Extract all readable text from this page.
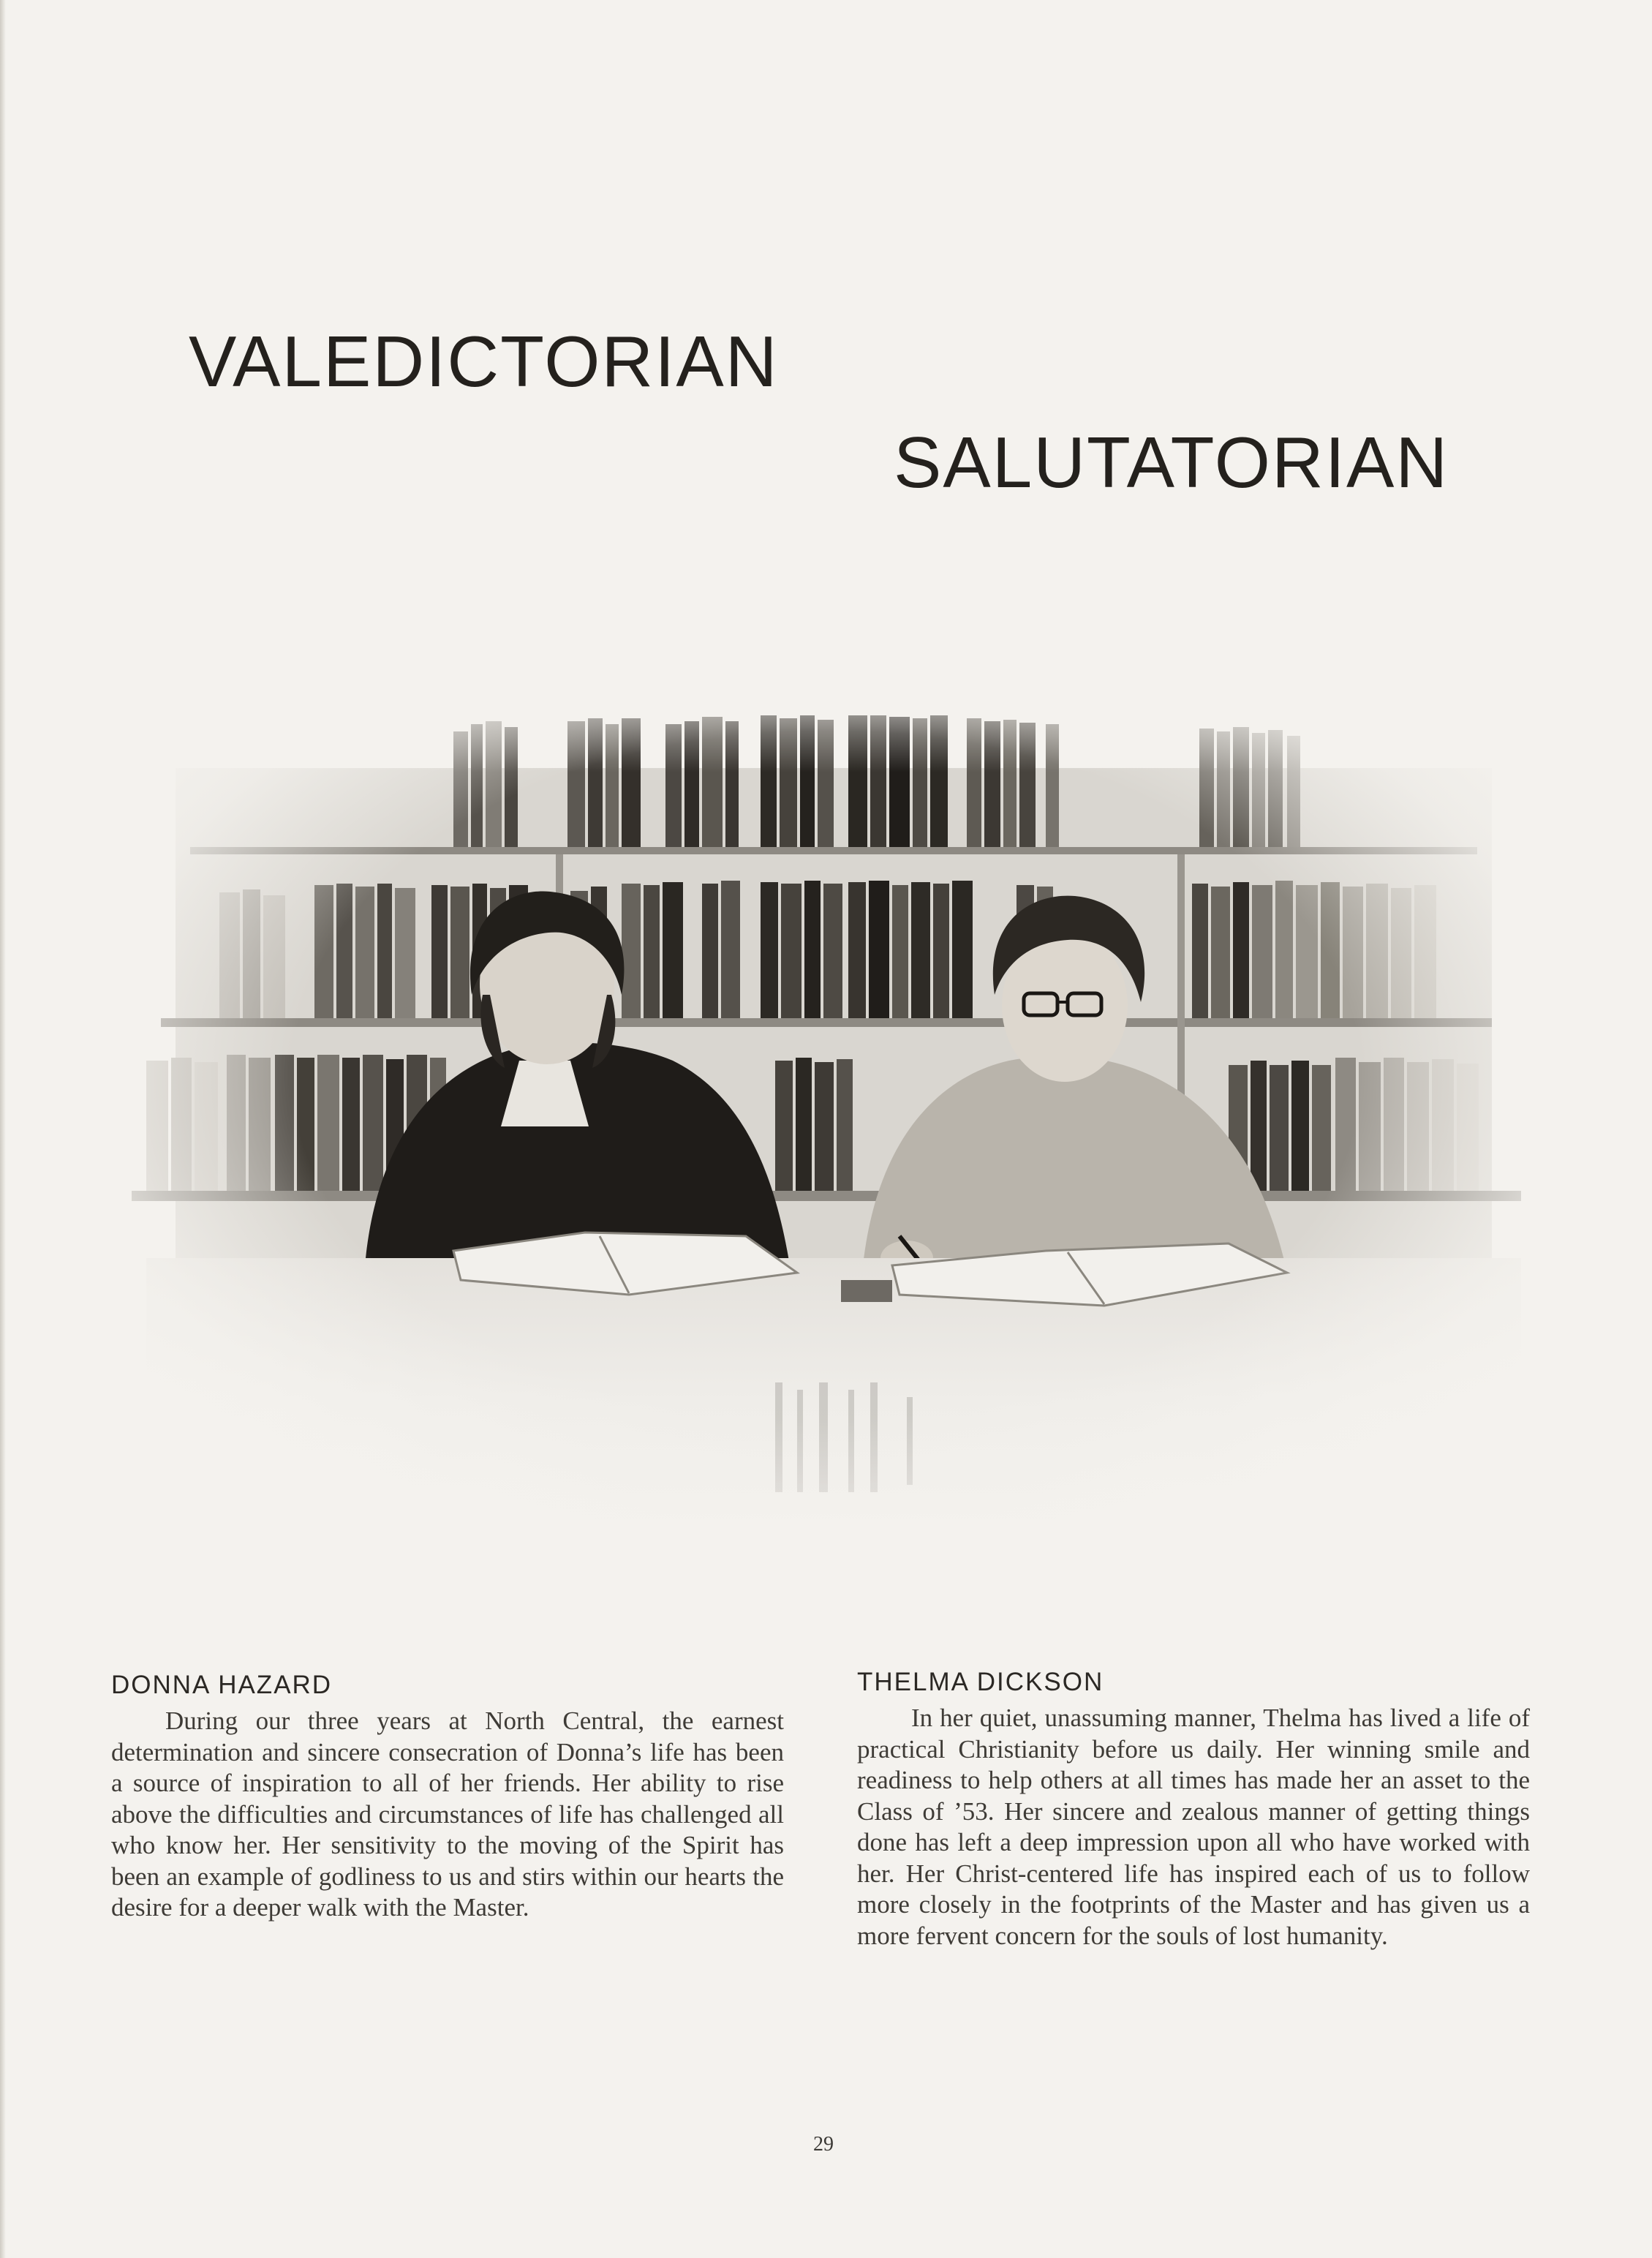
VALEDICTORIAN
SALUTATORIAN
DONNA HAZARD

During our three years at North Central, the earnest determination and sincere consecration of Donna’s life has been a source of inspiration to all of her friends. Her ability to rise above the difficulties and circumstances of life has challenged all who know her. Her sensitivity to the moving of the Spirit has been an example of godliness to us and stirs within our hearts the desire for a deeper walk with the Master.

THELMA DICKSON

In her quiet, unassuming manner, Thelma has lived a life of practical Christianity before us daily. Her winning smile and readiness to help others at all times has made her an asset to the Class of ’53. Her sincere and zealous manner of getting things done has left a deep impression upon all who have worked with her. Her Christ-centered life has inspired each of us to follow more closely in the footprints of the Master and has given us a more fervent concern for the souls of lost humanity.

29
